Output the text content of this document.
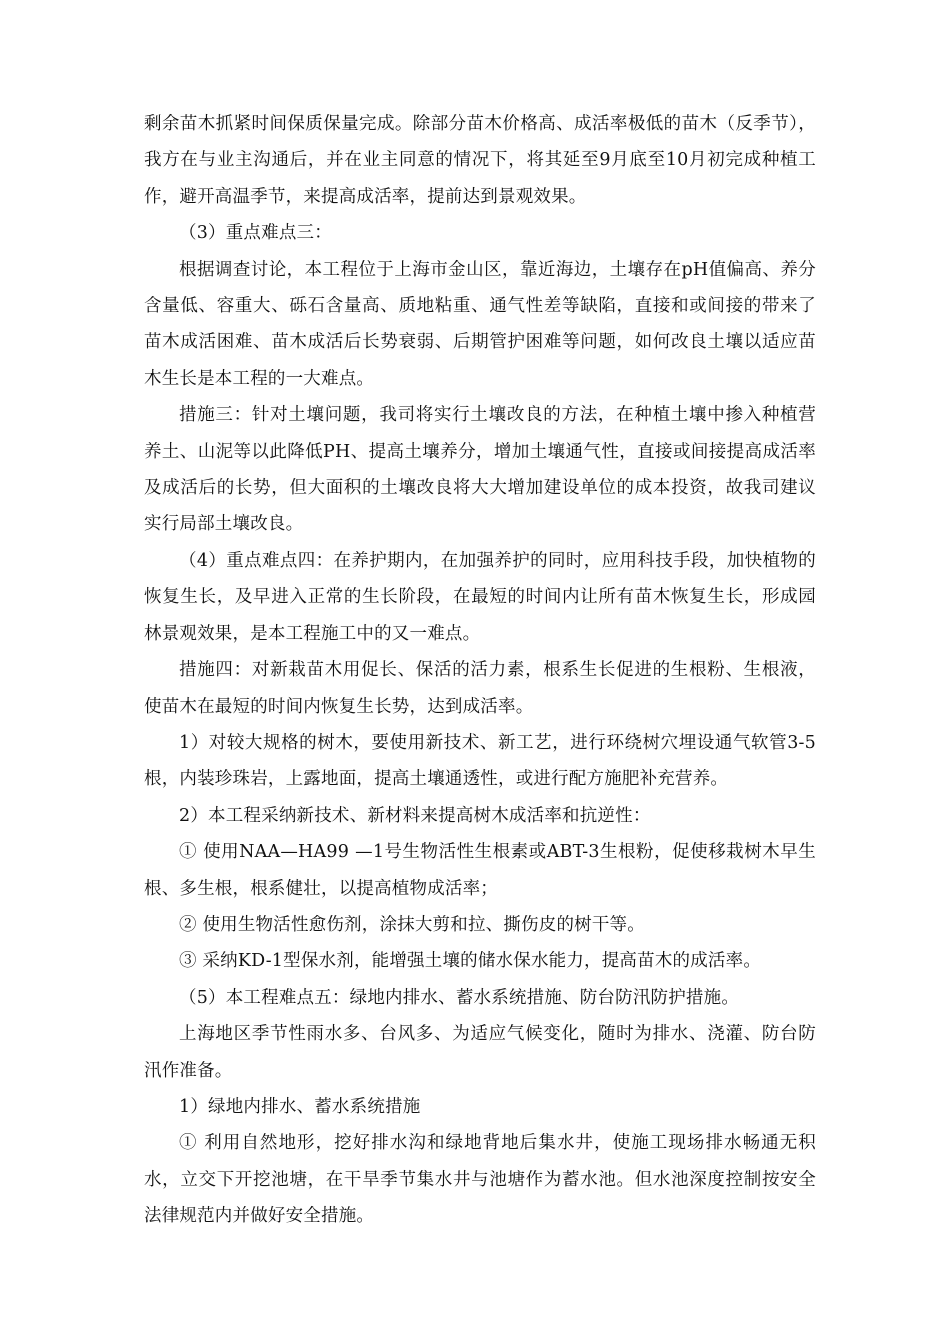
剩余苗木抓紧时间保质保量完成。除部分苗木价格高、成活率极低的苗木（反季节），我方在与业主沟通后，并在业主同意的情况下，将其延至9月底至10月初完成种植工作，避开高温季节，来提高成活率，提前达到景观效果。

（3）重点难点三：

根据调查讨论，本工程位于上海市金山区，靠近海边，土壤存在pH值偏高、养分含量低、容重大、砾石含量高、质地粘重、通气性差等缺陷，直接和或间接的带来了苗木成活困难、苗木成活后长势衰弱、后期管护困难等问题，如何改良土壤以适应苗木生长是本工程的一大难点。

措施三：针对土壤问题，我司将实行土壤改良的方法，在种植土壤中掺入种植营养土、山泥等以此降低PH、提高土壤养分，增加土壤通气性，直接或间接提高成活率及成活后的长势，但大面积的土壤改良将大大增加建设单位的成本投资，故我司建议实行局部土壤改良。

（4）重点难点四：在养护期内，在加强养护的同时，应用科技手段，加快植物的恢复生长，及早进入正常的生长阶段，在最短的时间内让所有苗木恢复生长，形成园林景观效果，是本工程施工中的又一难点。

措施四：对新栽苗木用促长、保活的活力素，根系生长促进的生根粉、生根液，使苗木在最短的时间内恢复生长势，达到成活率。

1）对较大规格的树木，要使用新技术、新工艺，进行环绕树穴埋设通气软管3-5根，内装珍珠岩，上露地面，提高土壤通透性，或进行配方施肥补充营养。

2）本工程采纳新技术、新材料来提高树木成活率和抗逆性：

① 使用NAA—HA99 —1号生物活性生根素或ABT-3生根粉，促使移栽树木早生根、多生根，根系健壮，以提高植物成活率；

② 使用生物活性愈伤剂，涂抹大剪和拉、撕伤皮的树干等。

③ 采纳KD-1型保水剂，能增强土壤的储水保水能力，提高苗木的成活率。

（5）本工程难点五：绿地内排水、蓄水系统措施、防台防汛防护措施。

上海地区季节性雨水多、台风多、为适应气候变化，随时为排水、浇灌、防台防汛作准备。

1）绿地内排水、蓄水系统措施

① 利用自然地形，挖好排水沟和绿地背地后集水井，使施工现场排水畅通无积水，立交下开挖池塘，在干旱季节集水井与池塘作为蓄水池。但水池深度控制按安全法律规范内并做好安全措施。
